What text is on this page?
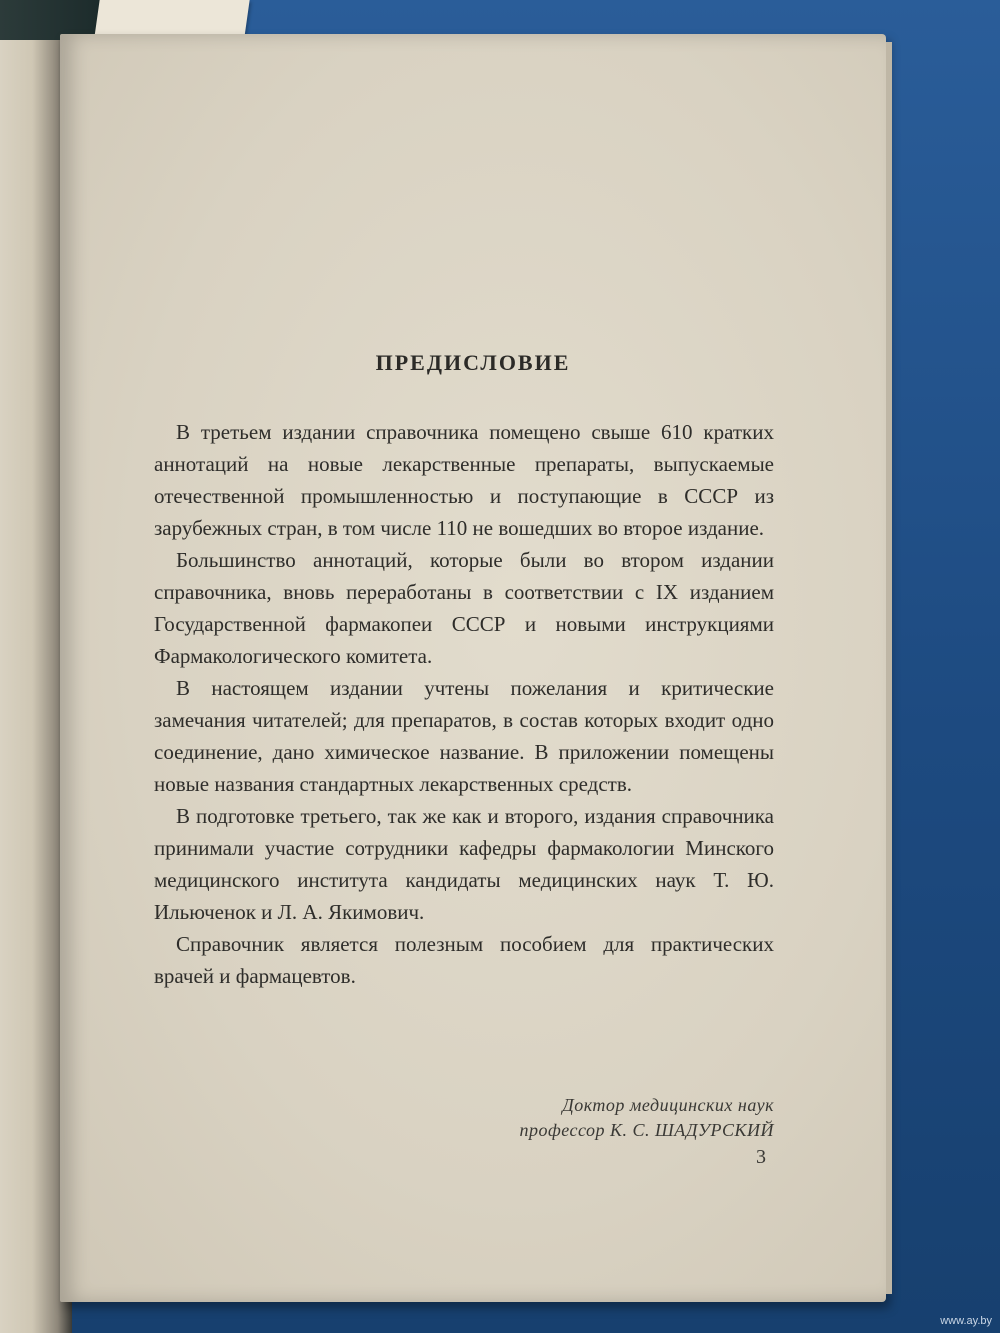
ПРЕДИСЛОВИЕ

В третьем издании справочника помещено свыше 610 кратких аннотаций на новые лекарственные препараты, выпускаемые отечественной промышленностью и поступающие в СССР из зарубежных стран, в том числе 110 не вошедших во второе издание.

Большинство аннотаций, которые были во втором издании справочника, вновь переработаны в соответствии с IX изданием Государственной фармакопеи СССР и новыми инструкциями Фармакологического комитета.

В настоящем издании учтены пожелания и критические замечания читателей; для препаратов, в состав которых входит одно соединение, дано химическое название. В приложении помещены новые названия стандартных лекарственных средств.

В подготовке третьего, так же как и второго, издания справочника принимали участие сотрудники кафедры фармакологии Минского медицинского института кандидаты медицинских наук Т. Ю. Ильюченок и Л. А. Якимович.

Справочник является полезным пособием для практических врачей и фармацевтов.

Доктор медицинских наук
профессор К. С. ШАДУРСКИЙ
3
www.ay.by
